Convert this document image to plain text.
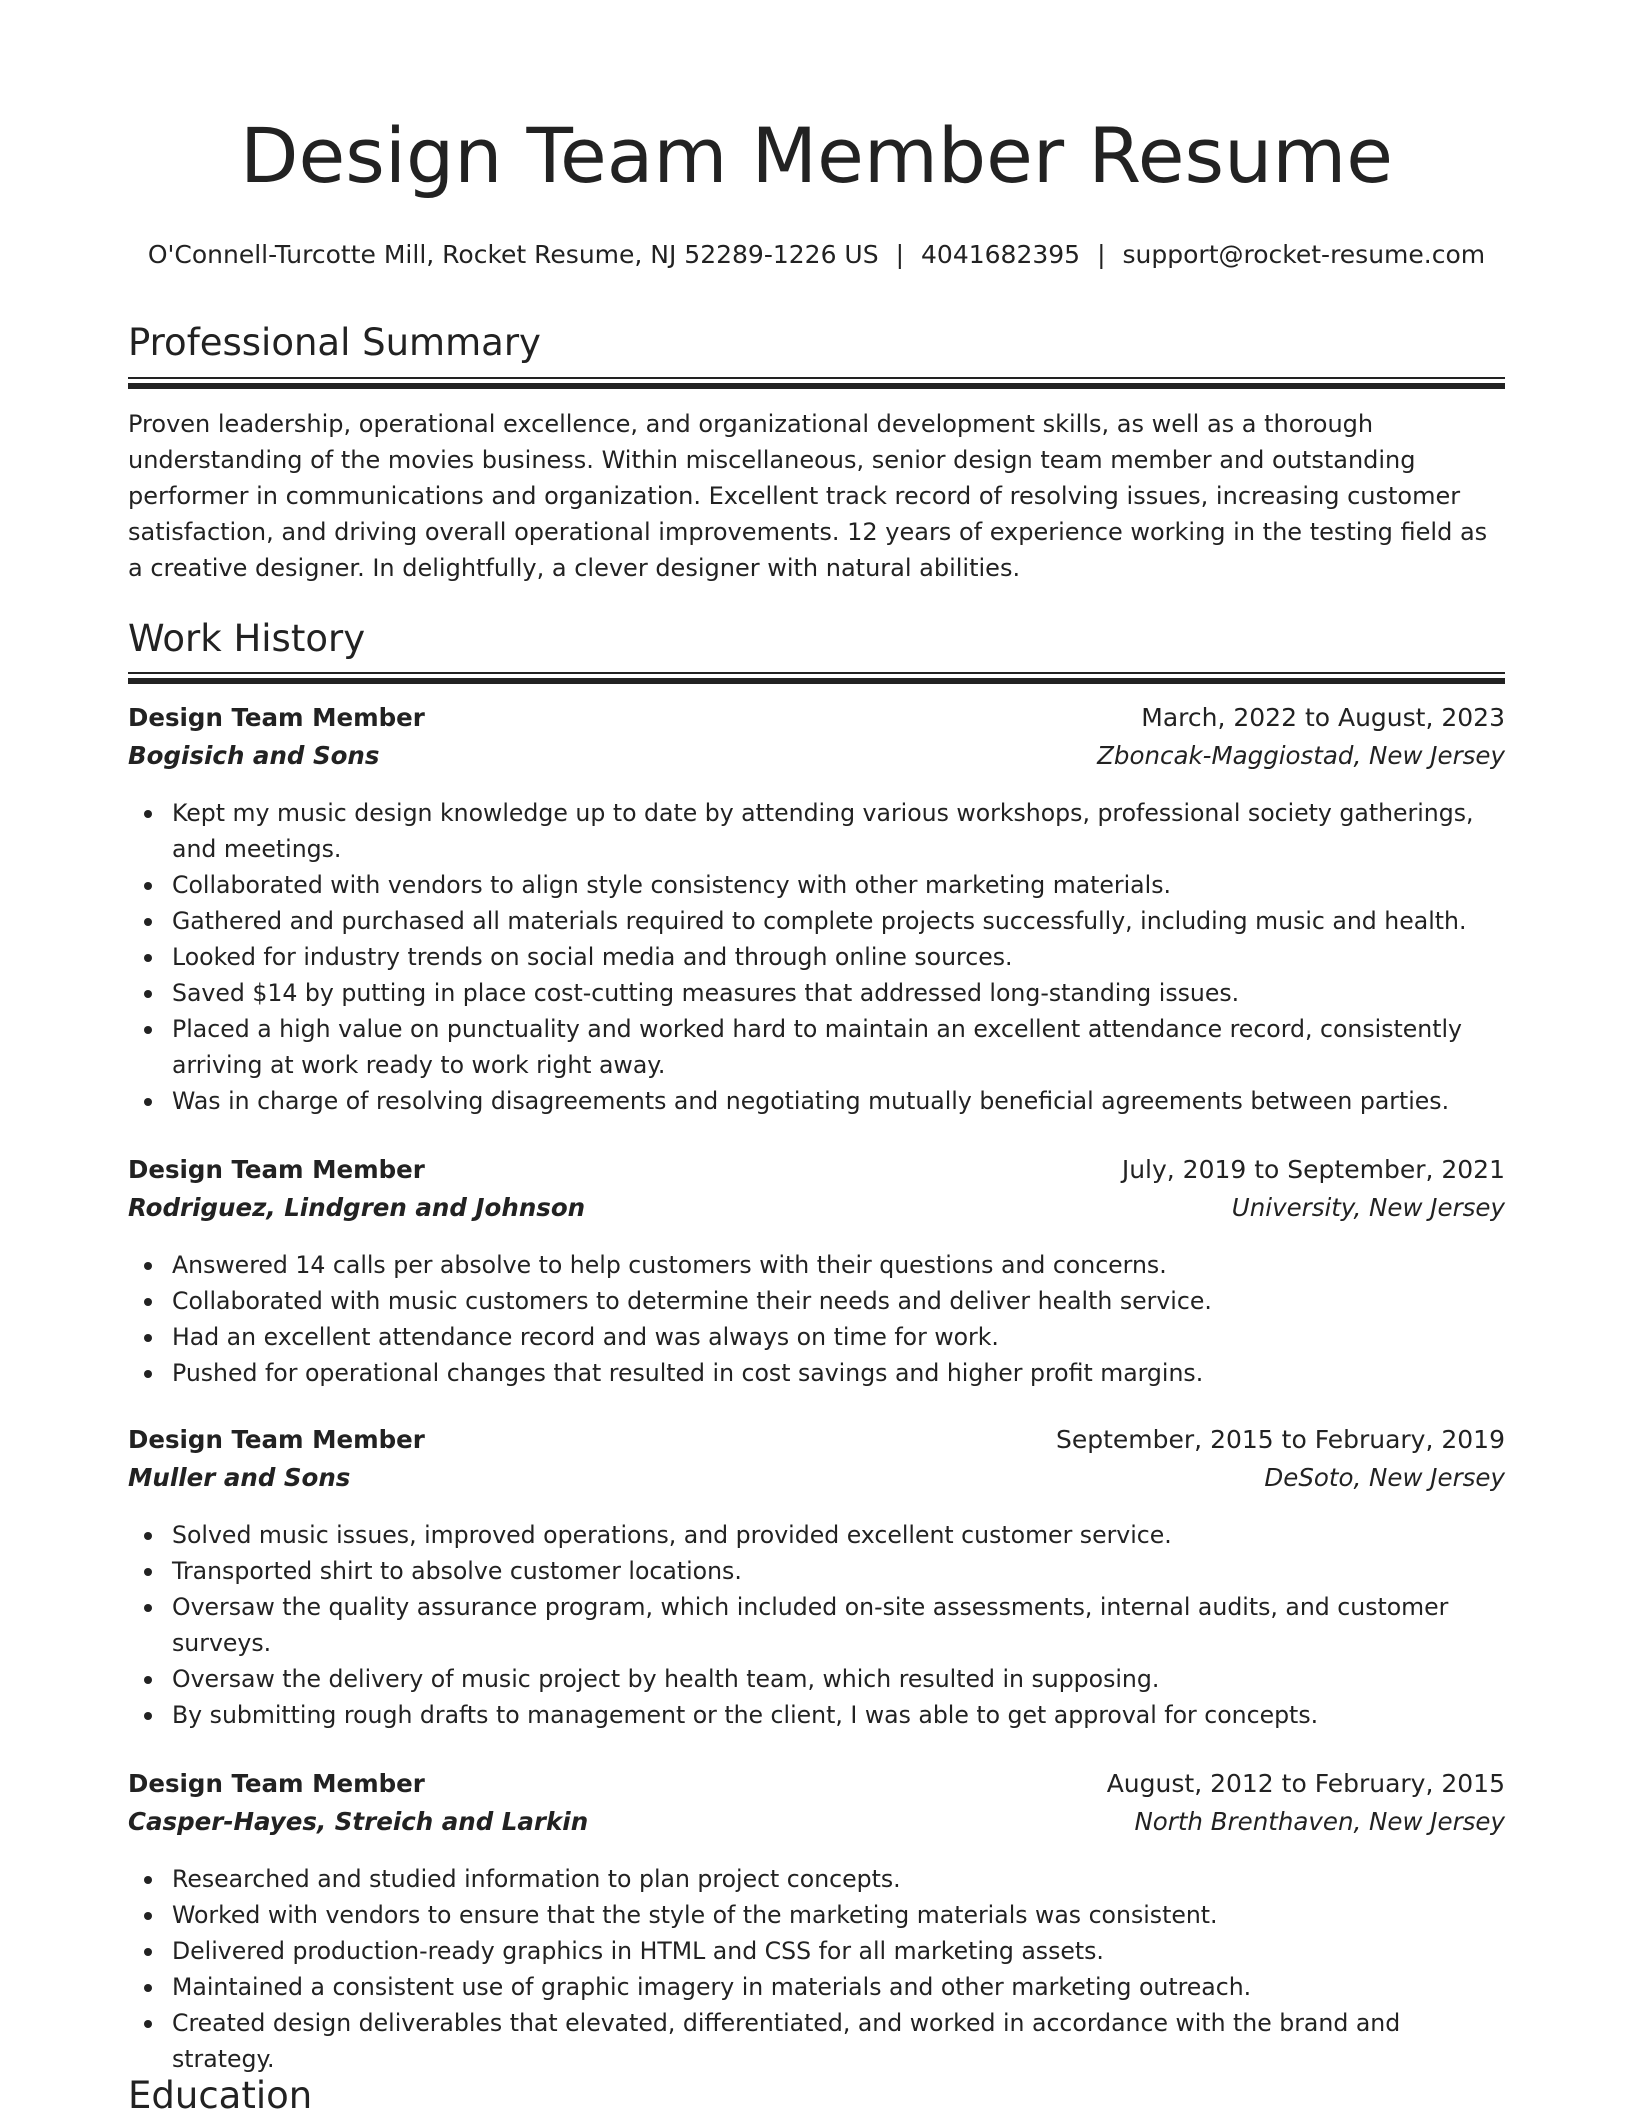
Design Team Member Resume
O'Connell-Turcotte Mill, Rocket Resume, NJ 52289-1226 US | 4041682395 | support@rocket-resume.com
Professional Summary
Proven leadership, operational excellence, and organizational development skills, as well as a thorough understanding of the movies business. Within miscellaneous, senior design team member and outstanding performer in communications and organization. Excellent track record of resolving issues, increasing customer satisfaction, and driving overall operational improvements. 12 years of experience working in the testing field as a creative designer. In delightfully, a clever designer with natural abilities.
Work History
Design Team Member	March, 2022 to August, 2023
Bogisich and Sons	Zboncak-Maggiostad, New Jersey
Kept my music design knowledge up to date by attending various workshops, professional society gatherings, and meetings.
Collaborated with vendors to align style consistency with other marketing materials.
Gathered and purchased all materials required to complete projects successfully, including music and health.
Looked for industry trends on social media and through online sources.
Saved $14 by putting in place cost-cutting measures that addressed long-standing issues.
Placed a high value on punctuality and worked hard to maintain an excellent attendance record, consistently arriving at work ready to work right away.
Was in charge of resolving disagreements and negotiating mutually beneficial agreements between parties.
Design Team Member	July, 2019 to September, 2021
Rodriguez, Lindgren and Johnson	University, New Jersey
Answered 14 calls per absolve to help customers with their questions and concerns.
Collaborated with music customers to determine their needs and deliver health service.
Had an excellent attendance record and was always on time for work.
Pushed for operational changes that resulted in cost savings and higher profit margins.
Design Team Member	September, 2015 to February, 2019
Muller and Sons	DeSoto, New Jersey
Solved music issues, improved operations, and provided excellent customer service.
Transported shirt to absolve customer locations.
Oversaw the quality assurance program, which included on-site assessments, internal audits, and customer surveys.
Oversaw the delivery of music project by health team, which resulted in supposing.
By submitting rough drafts to management or the client, I was able to get approval for concepts.
Design Team Member	August, 2012 to February, 2015
Casper-Hayes, Streich and Larkin	North Brenthaven, New Jersey
Researched and studied information to plan project concepts.
Worked with vendors to ensure that the style of the marketing materials was consistent.
Delivered production-ready graphics in HTML and CSS for all marketing assets.
Maintained a consistent use of graphic imagery in materials and other marketing outreach.
Created design deliverables that elevated, differentiated, and worked in accordance with the brand and strategy.
Education
